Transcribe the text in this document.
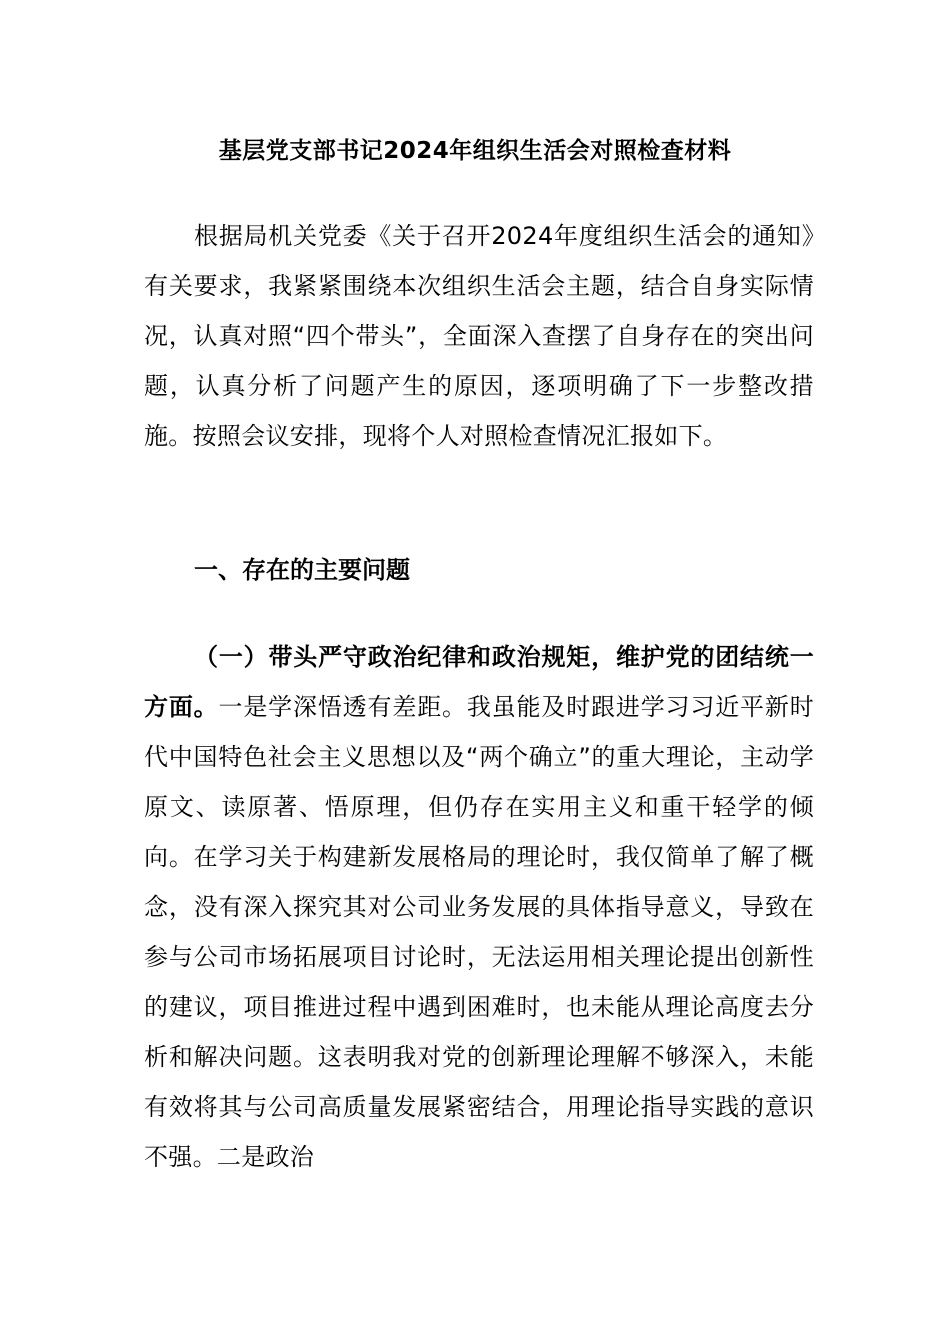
基层党支部书记2024年组织生活会对照检查材料
根据局机关党委《关于召开2024年度组织生活会的通知》有关要求，我紧紧围绕本次组织生活会主题，结合自身实际情况，认真对照“四个带头”，全面深入查摆了自身存在的突出问题，认真分析了问题产生的原因，逐项明确了下一步整改措施。按照会议安排，现将个人对照检查情况汇报如下。
一、存在的主要问题
（一）带头严守政治纪律和政治规矩，维护党的团结统一方面。一是学深悟透有差距。我虽能及时跟进学习习近平新时代中国特色社会主义思想以及“两个确立”的重大理论，主动学原文、读原著、悟原理，但仍存在实用主义和重干轻学的倾向。在学习关于构建新发展格局的理论时，我仅简单了解了概念，没有深入探究其对公司业务发展的具体指导意义，导致在参与公司市场拓展项目讨论时，无法运用相关理论提出创新性的建议，项目推进过程中遇到困难时，也未能从理论高度去分析和解决问题。这表明我对党的创新理论理解不够深入，未能有效将其与公司高质量发展紧密结合，用理论指导实践的意识不强。二是政治
